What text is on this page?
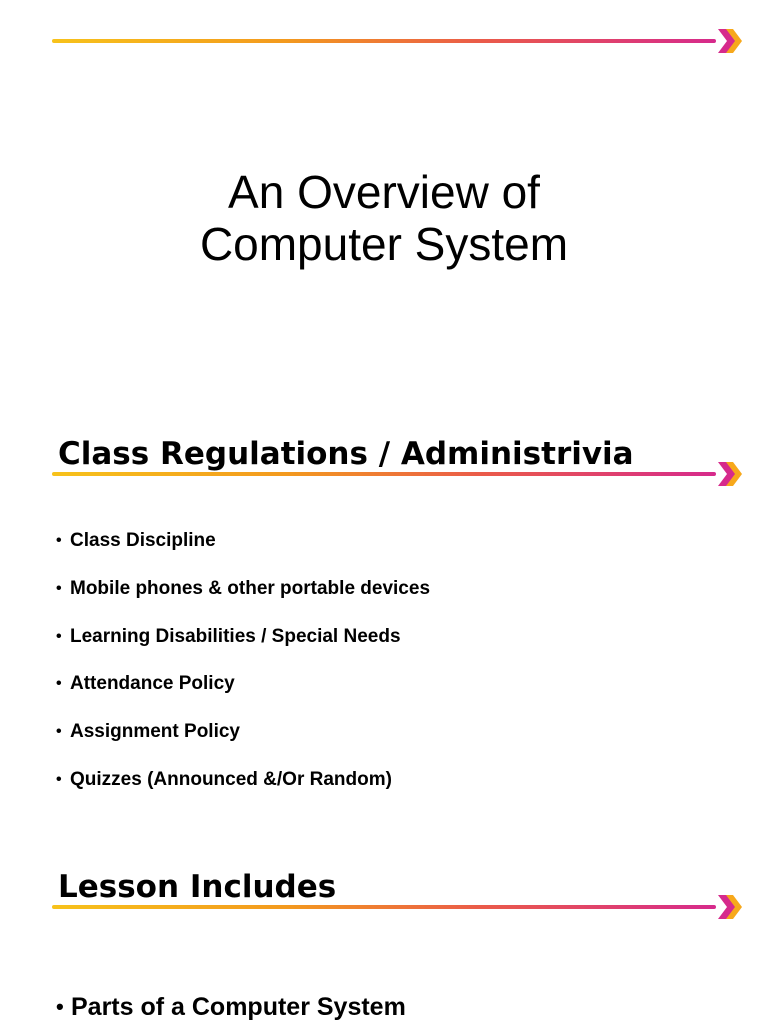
An Overview of
Computer System
Class Regulations / Administrivia
• Class Discipline
• Mobile phones & other portable devices
• Learning Disabilities / Special Needs
• Attendance Policy
• Assignment Policy
• Quizzes (Announced &/Or Random)
Lesson Includes
• Parts of a Computer System
